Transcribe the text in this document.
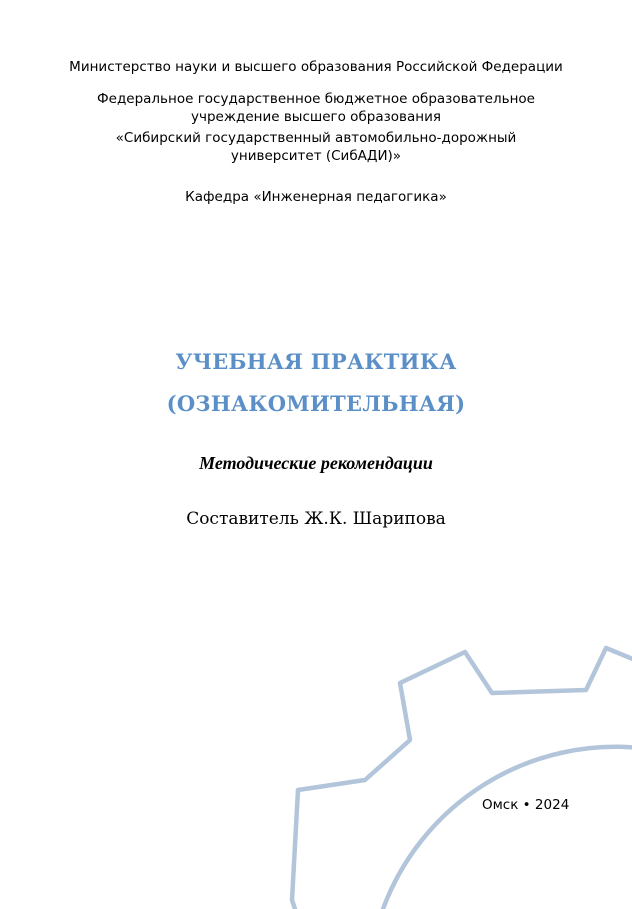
Министерство науки и высшего образования Российской Федерации
Федеральное государственное бюджетное образовательное
учреждение высшего образования
«Сибирский государственный автомобильно-дорожный
университет (СибАДИ)»
Кафедра «Инженерная педагогика»
УЧЕБНАЯ ПРАКТИКА
(ОЗНАКОМИТЕЛЬНАЯ)
Методические рекомендации
Составитель Ж.К. Шарипова
Омск • 2024
